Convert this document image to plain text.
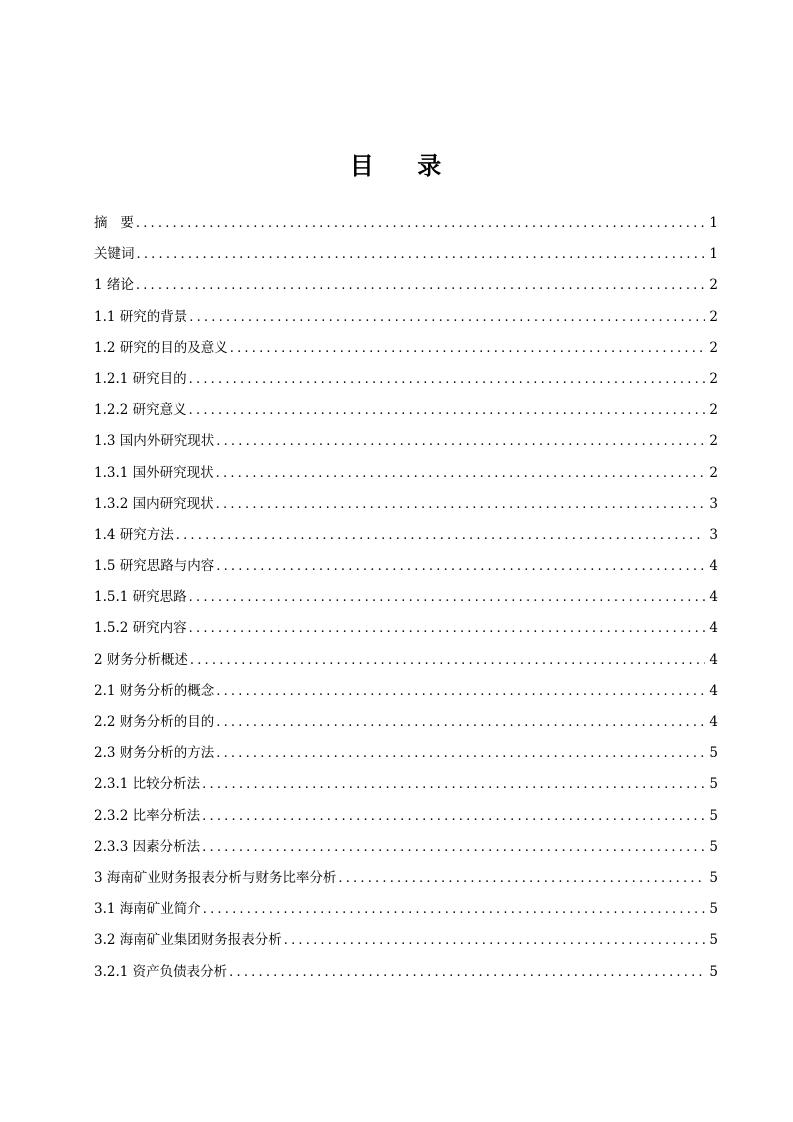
目    录
摘   要 .....	1
关键词 .....	1
1 绪论 .....	2
1.1 研究的背景 .....	2
1.2 研究的目的及意义 .....	2
1.2.1 研究目的 .....	2
1.2.2 研究意义 .....	2
1.3 国内外研究现状 .....	2
1.3.1 国外研究现状 .....	2
1.3.2 国内研究现状 .....	3
1.4 研究方法 .....	3
1.5 研究思路与内容 .....	4
1.5.1 研究思路 .....	4
1.5.2 研究内容 .....	4
2 财务分析概述 .....	4
2.1 财务分析的概念 .....	4
2.2 财务分析的目的 .....	4
2.3 财务分析的方法 .....	5
2.3.1 比较分析法 .....	5
2.3.2 比率分析法 .....	5
2.3.3 因素分析法 .....	5
3 海南矿业财务报表分析与财务比率分析 .....	5
3.1 海南矿业简介 .....	5
3.2 海南矿业集团财务报表分析 .....	5
3.2.1 资产负债表分析 .....	5
